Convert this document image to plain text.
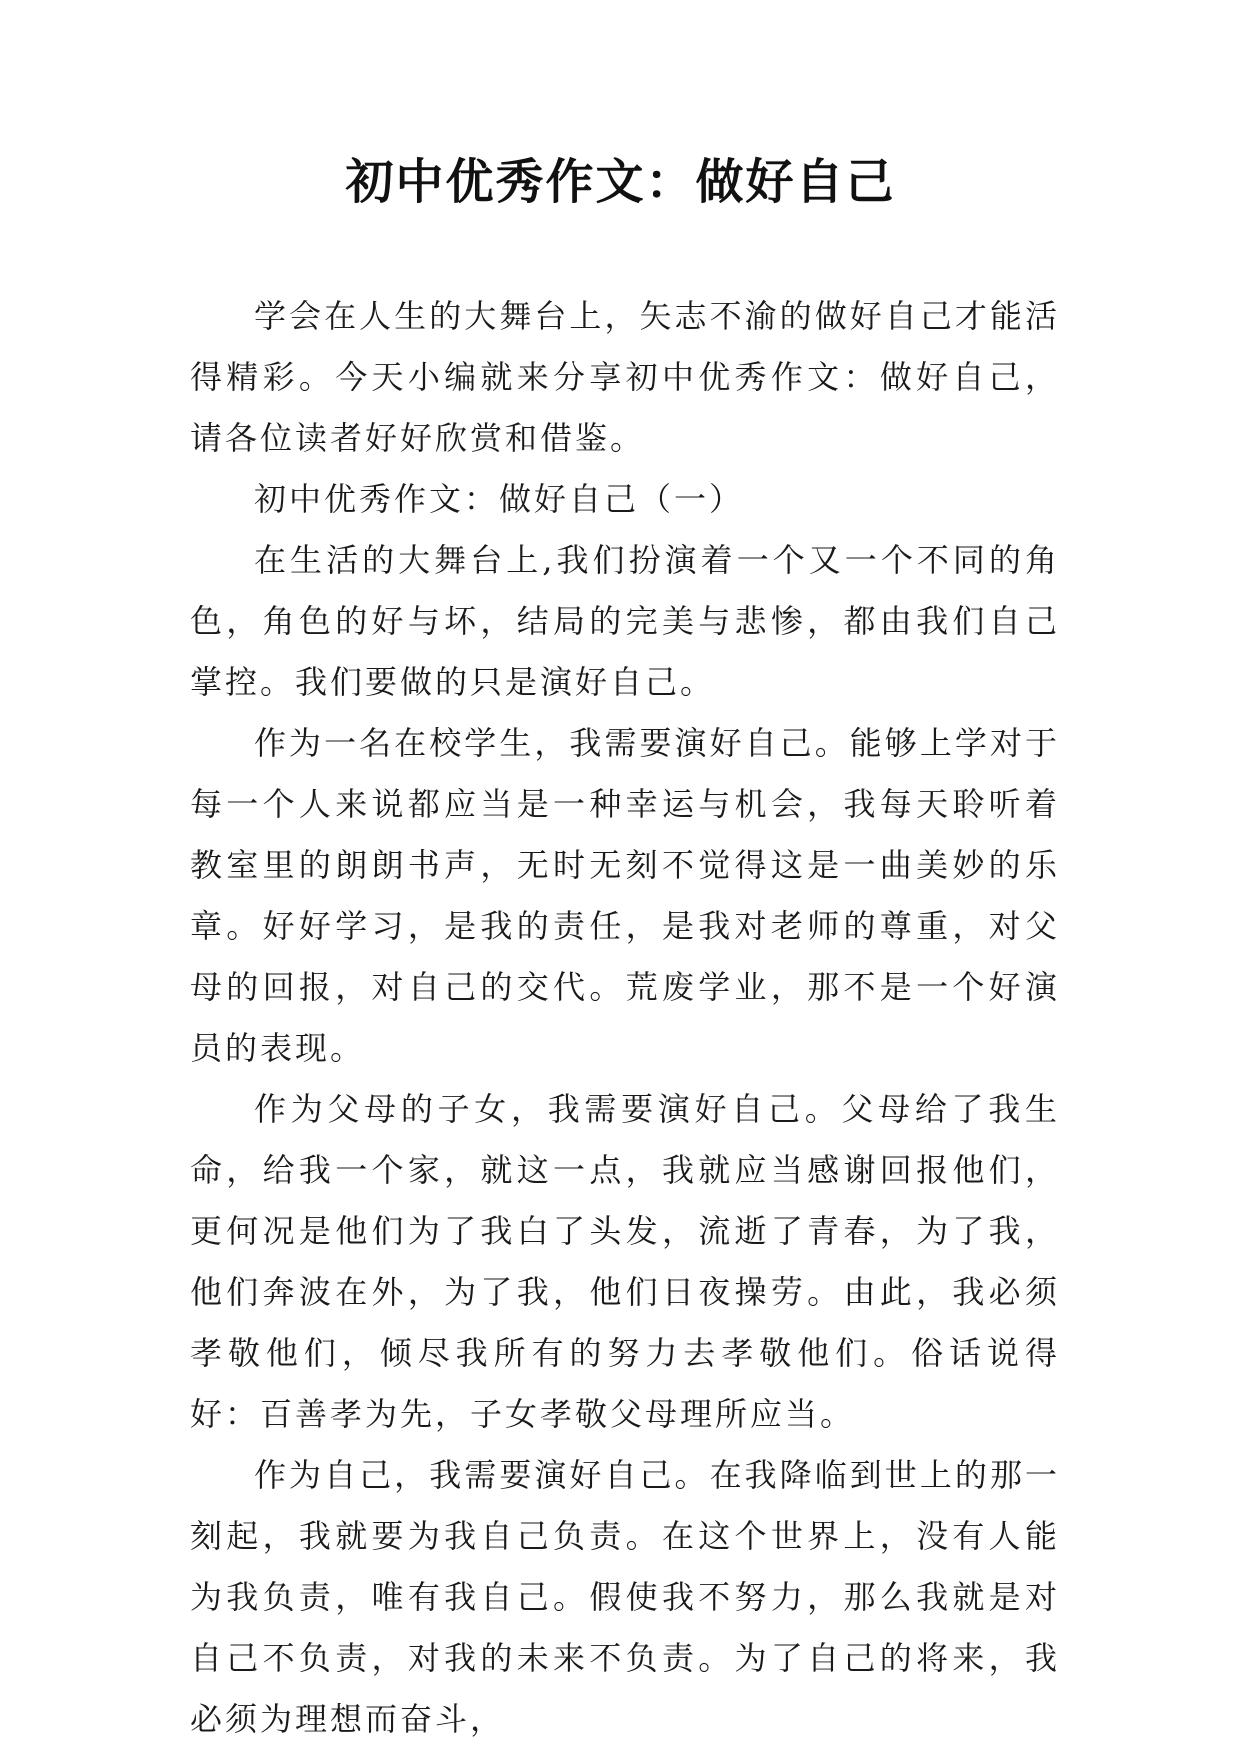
初中优秀作文：做好自己

学会在人生的大舞台上，矢志不渝的做好自己才能活得精彩。今天小编就来分享初中优秀作文：做好自己，请各位读者好好欣赏和借鉴。

初中优秀作文：做好自己（一）

在生活的大舞台上,我们扮演着一个又一个不同的角色，角色的好与坏，结局的完美与悲惨，都由我们自己掌控。我们要做的只是演好自己。

作为一名在校学生，我需要演好自己。能够上学对于每一个人来说都应当是一种幸运与机会，我每天聆听着教室里的朗朗书声，无时无刻不觉得这是一曲美妙的乐章。好好学习，是我的责任，是我对老师的尊重，对父母的回报，对自己的交代。荒废学业，那不是一个好演员的表现。

作为父母的子女，我需要演好自己。父母给了我生命，给我一个家，就这一点，我就应当感谢回报他们，更何况是他们为了我白了头发，流逝了青春，为了我，他们奔波在外，为了我，他们日夜操劳。由此，我必须孝敬他们，倾尽我所有的努力去孝敬他们。俗话说得好：百善孝为先，子女孝敬父母理所应当。

作为自己，我需要演好自己。在我降临到世上的那一刻起，我就要为我自己负责。在这个世界上，没有人能为我负责，唯有我自己。假使我不努力，那么我就是对自己不负责，对我的未来不负责。为了自己的将来，我必须为理想而奋斗，
